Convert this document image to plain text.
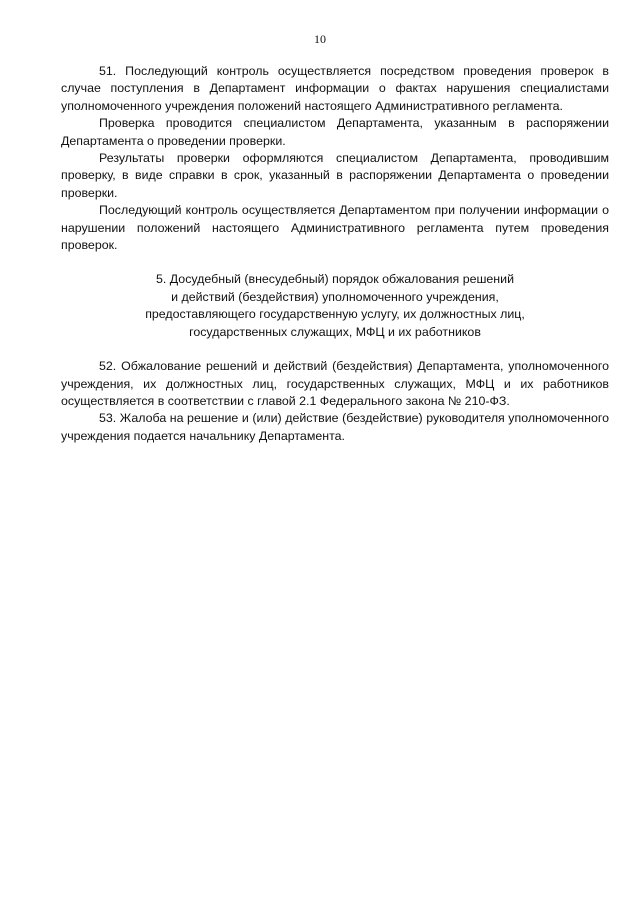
10

51. Последующий контроль осуществляется посредством проведения проверок в случае поступления в Департамент информации о фактах нарушения специалистами уполномоченного учреждения положений настоящего Административного регламента.

Проверка проводится специалистом Департамента, указанным в распоряжении Департамента о проведении проверки.

Результаты проверки оформляются специалистом Департамента, проводившим проверку, в виде справки в срок, указанный в распоряжении Департамента о проведении проверки.

Последующий контроль осуществляется Департаментом при получении информации о нарушении положений настоящего Административного регламента путем проведения проверок.

5. Досудебный (внесудебный) порядок обжалования решений
и действий (бездействия) уполномоченного учреждения,
предоставляющего государственную услугу, их должностных лиц,
государственных служащих, МФЦ и их работников

52. Обжалование решений и действий (бездействия) Департамента, уполномоченного учреждения, их должностных лиц, государственных служащих, МФЦ и их работников осуществляется в соответствии с главой 2.1 Федерального закона № 210-ФЗ.

53. Жалоба на решение и (или) действие (бездействие) руководителя уполномоченного учреждения подается начальнику Департамента.
